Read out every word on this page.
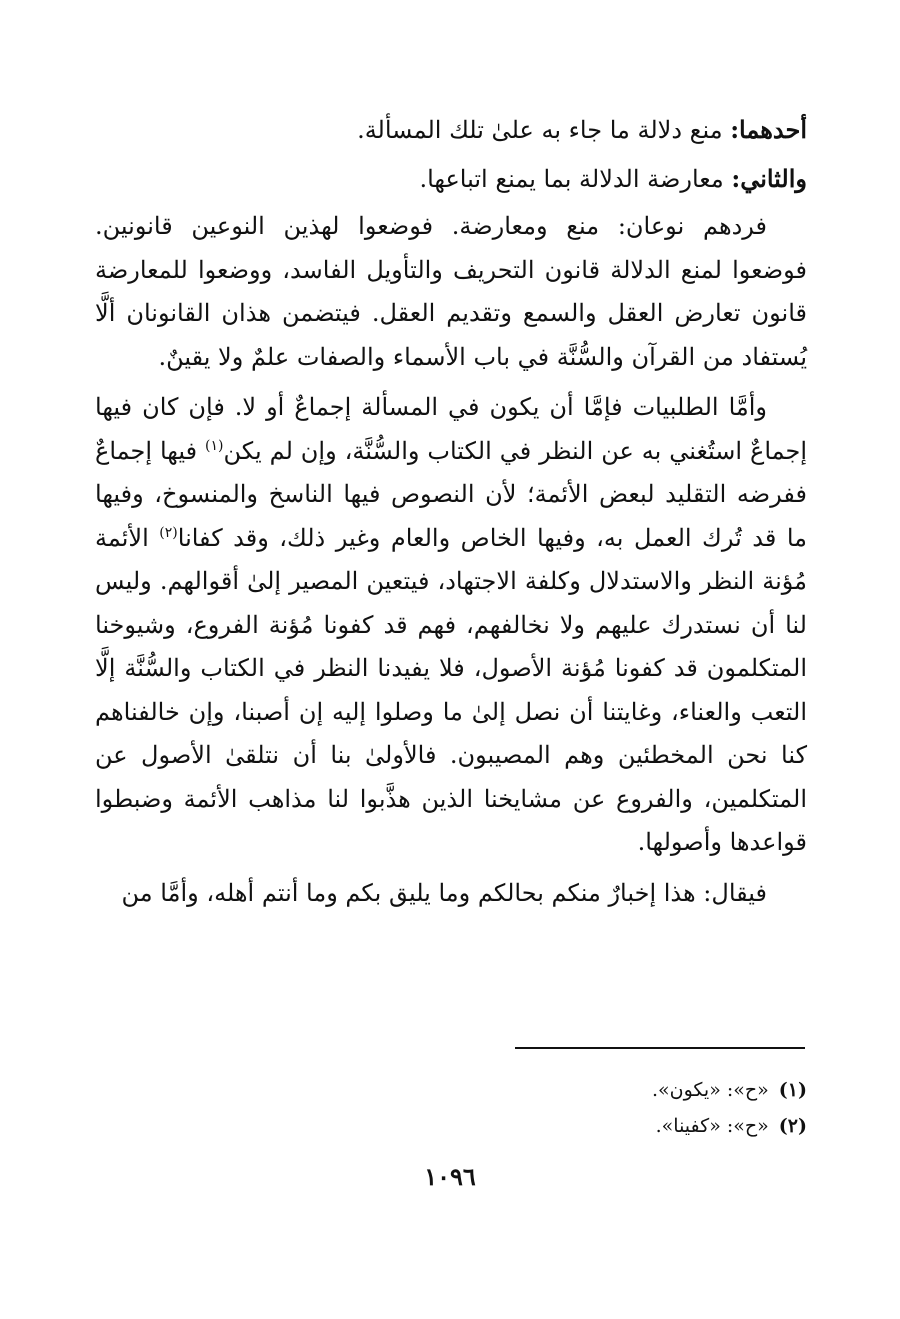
أحدهما: منع دلالة ما جاء به علىٰ تلك المسألة.

والثاني: معارضة الدلالة بما يمنع اتباعها.

فردهم نوعان: منع ومعارضة. فوضعوا لهذين النوعين قانونين. فوضعوا لمنع الدلالة قانون التحريف والتأويل الفاسد، ووضعوا للمعارضة قانون تعارض العقل والسمع وتقديم العقل. فيتضمن هذان القانونان ألَّا يُستفاد من القرآن والسُّنَّة في باب الأسماء والصفات علمٌ ولا يقينٌ.

وأمَّا الطلبيات فإمَّا أن يكون في المسألة إجماعٌ أو لا. فإن كان فيها إجماعٌ استُغني به عن النظر في الكتاب والسُّنَّة، وإن لم يكن$^{(١)}$ فيها إجماعٌ ففرضه التقليد لبعض الأئمة؛ لأن النصوص فيها الناسخ والمنسوخ، وفيها ما قد تُرك العمل به، وفيها الخاص والعام وغير ذلك، وقد كفانا$^{(٢)}$ الأئمة مُؤنة النظر والاستدلال وكلفة الاجتهاد، فيتعين المصير إلىٰ أقوالهم. وليس لنا أن نستدرك عليهم ولا نخالفهم، فهم قد كفونا مُؤنة الفروع، وشيوخنا المتكلمون قد كفونا مُؤنة الأصول، فلا يفيدنا النظر في الكتاب والسُّنَّة إلَّا التعب والعناء، وغايتنا أن نصل إلىٰ ما وصلوا إليه إن أصبنا، وإن خالفناهم كنا نحن المخطئين وهم المصيبون. فالأولىٰ بنا أن نتلقىٰ الأصول عن المتكلمين، والفروع عن مشايخنا الذين هذَّبوا لنا مذاهب الأئمة وضبطوا قواعدها وأصولها.

فيقال: هذا إخبارٌ منكم بحالكم وما يليق بكم وما أنتم أهله، وأمَّا من

(١)«ح»: «يكون».
(٢)«ح»: «كفينا».
١٠٩٦
